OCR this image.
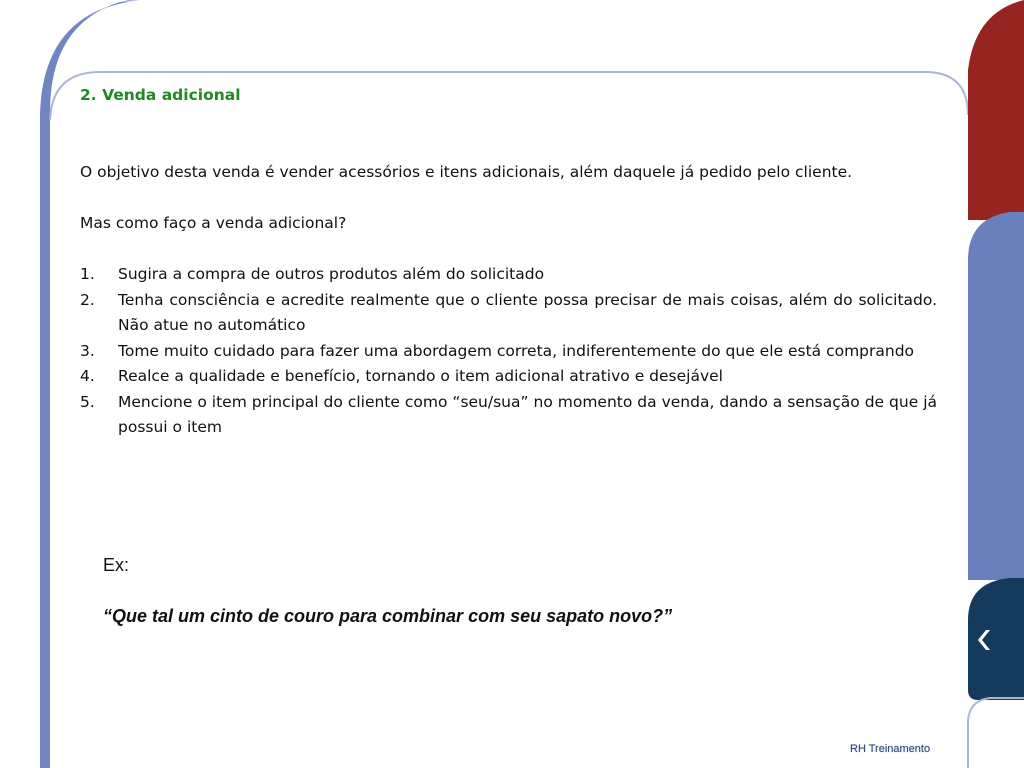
2. Venda adicional
O objetivo desta venda é vender acessórios e itens adicionais, além daquele já pedido pelo cliente.
Mas como faço a venda adicional?
1. Sugira a compra de outros produtos além do solicitado
2. Tenha consciência e acredite realmente que o cliente possa precisar de mais coisas, além do solicitado. Não atue no automático
3. Tome muito cuidado para fazer uma abordagem correta, indiferentemente do que ele está comprando
4. Realce a qualidade e benefício, tornando o item adicional atrativo e desejável
5. Mencione o item principal do cliente como “seu/sua” no momento da venda, dando a sensação de que já possui o item
Ex:
“Que tal um cinto de couro para combinar com seu sapato novo?”
RH Treinamento
